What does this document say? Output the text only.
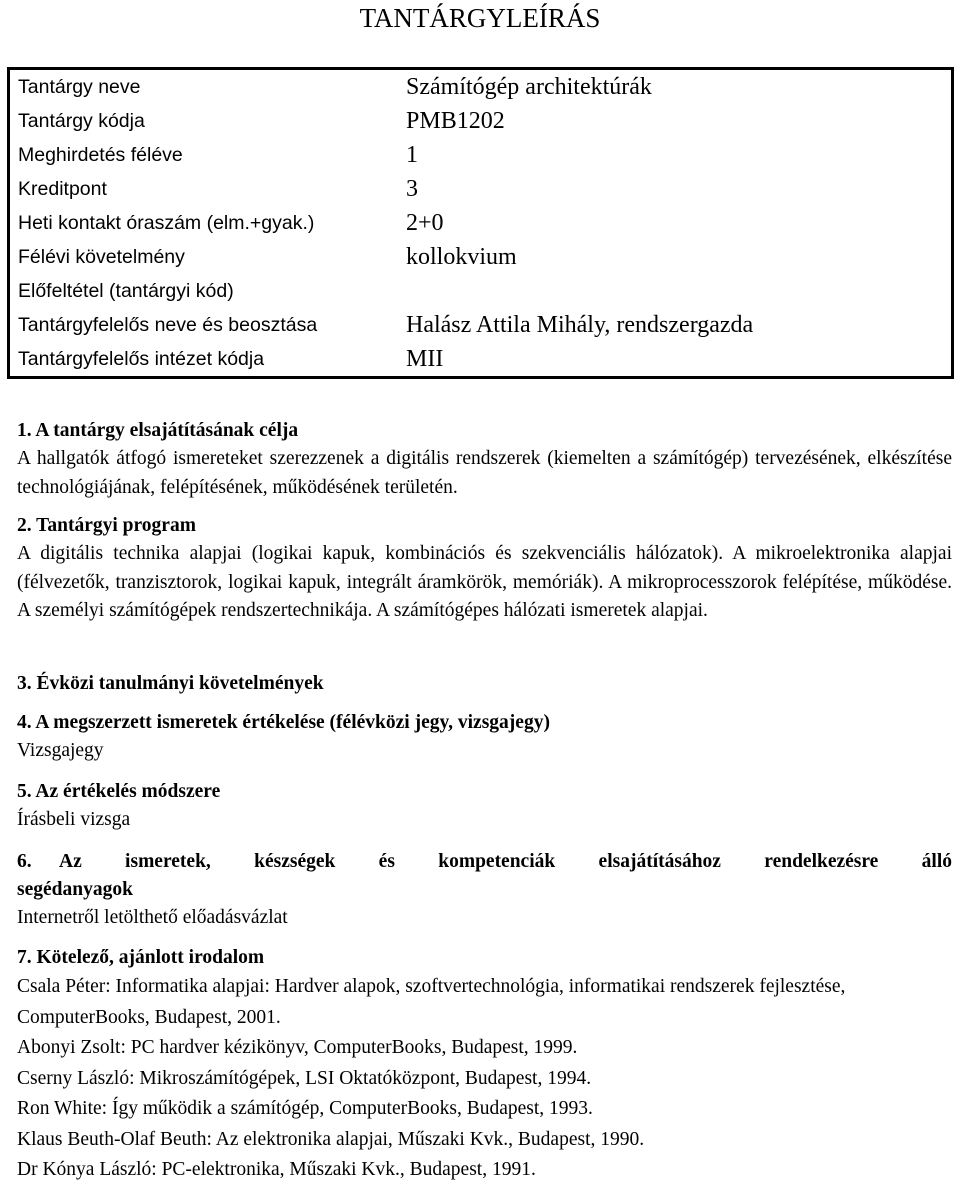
TANTÁRGYLEÍRÁS
Tantárgy neve	Számítógép architektúrák
Tantárgy kódja	PMB1202
Meghirdetés féléve	1
Kreditpont	3
Heti kontakt óraszám (elm.+gyak.)	2+0
Félévi követelmény	kollokvium
Előfeltétel (tantárgyi kód)	
Tantárgyfelelős neve és beosztása	Halász Attila Mihály, rendszergazda
Tantárgyfelelős intézet kódja	MII
1. A tantárgy elsajátításának célja
A hallgatók átfogó ismereteket szerezzenek a digitális rendszerek (kiemelten a számítógép) tervezésének, elkészítése technológiájának, felépítésének, működésének területén.
2. Tantárgyi program
A digitális technika alapjai (logikai kapuk, kombinációs és szekvenciális hálózatok). A mikroelektronika alapjai (félvezetők, tranzisztorok, logikai kapuk, integrált áramkörök, memóriák). A mikroprocesszorok felépítése, működése. A személyi számítógépek rendszertechnikája. A számítógépes hálózati ismeretek alapjai.
3. Évközi tanulmányi követelmények
4. A megszerzett ismeretek értékelése (félévközi jegy, vizsgajegy)
Vizsgajegy
5. Az értékelés módszere
Írásbeli vizsga
6.	Az ismeretek, készségek és kompetenciák elsajátításához rendelkezésre álló
segédanyagok
Internetről letölthető előadásvázlat
7. Kötelező, ajánlott irodalom
Csala Péter: Informatika alapjai: Hardver alapok, szoftvertechnológia, informatikai rendszerek fejlesztése, ComputerBooks, Budapest, 2001.
Abonyi Zsolt: PC hardver kézikönyv, ComputerBooks, Budapest, 1999.
Cserny László: Mikroszámítógépek, LSI Oktatóközpont, Budapest, 1994.
Ron White: Így működik a számítógép, ComputerBooks, Budapest, 1993.
Klaus Beuth-Olaf Beuth: Az elektronika alapjai, Műszaki Kvk., Budapest, 1990.
Dr Kónya László: PC-elektronika, Műszaki Kvk., Budapest, 1991.
